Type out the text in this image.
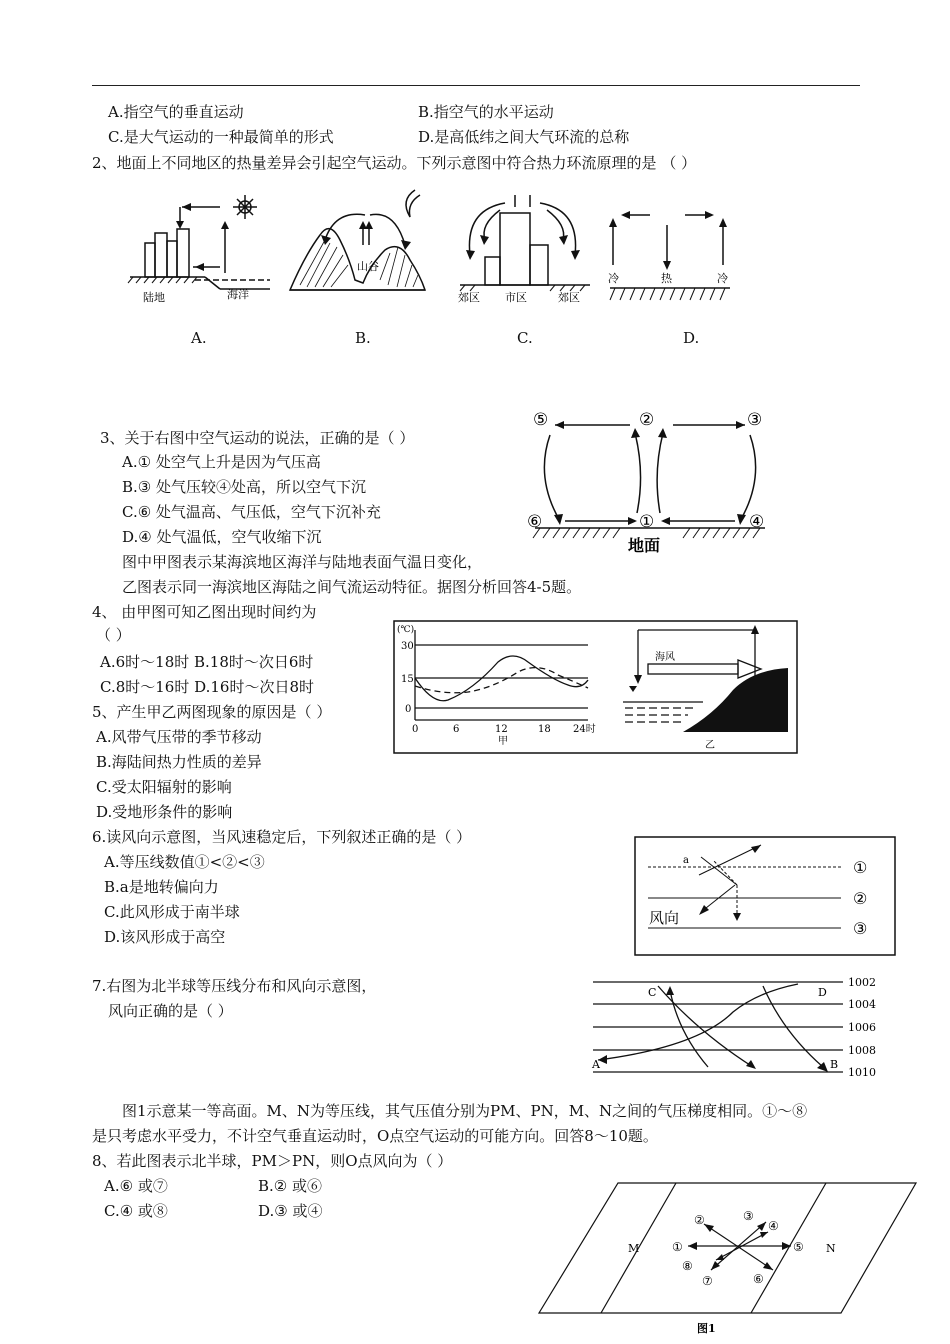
A.指空气的垂直运动	B.指空气的水平运动
C.是大气运动的一种最简单的形式	D.是高低纬之间大气环流的总称
2、地面上不同地区的热量差异会引起空气运动。下列示意图中符合热力环流原理的是 （ ）
陆地	海洋
A.
山谷
B.
郊区 市区	郊区
C.
冷	热	冷
D.
3、关于右图中空气运动的说法，正确的是（ ）
A.① 处空气上升是因为气压高
B.③ 处气压较④处高，所以空气下沉
C.⑥ 处气温高、气压低，空气下沉补充
D.④ 处气温低，空气收缩下沉
⑤	②	③
⑥	①	④
地面
图中甲图表示某海滨地区海洋与陆地表面气温日变化，
乙图表示同一海滨地区海陆之间气流运动特征。据图分析回答4-5题。
4、 由甲图可知乙图出现时间约为
（ ）
A.6时～18时 B.18时～次日6时
C.8时～16时 D.16时～次日8时
(℃)
30
15
0
0	6	12	18 24时
甲
海风
乙
5、产生甲乙两图现象的原因是（ ）
A.风带气压带的季节移动
B.海陆间热力性质的差异
C.受太阳辐射的影响
D.受地形条件的影响
6.读风向示意图，当风速稳定后，下列叙述正确的是（ ）
A.等压线数值①<②<③
B.a是地转偏向力
C.此风形成于南半球
D.该风形成于高空
a	①
②
③
风向
7.右图为北半球等压线分布和风向示意图，
风向正确的是（ ）
C	D
A	B
1002
1004
1006
1008
1010
图1示意某一等高面。M、N为等压线，其气压值分别为PM、PN，M、N之间的气压梯度相同。①～⑧
是只考虑水平受力，不计空气垂直运动时，O点空气运动的可能方向。回答8～10题。
8、若此图表示北半球，PM＞PN，则O点风向为（ ）
A.⑥ 或⑦	B.② 或⑥
C.④ 或⑧	D.③ 或④
M	N
①
②	③
④
⑤
⑥
⑦
⑧
图1
